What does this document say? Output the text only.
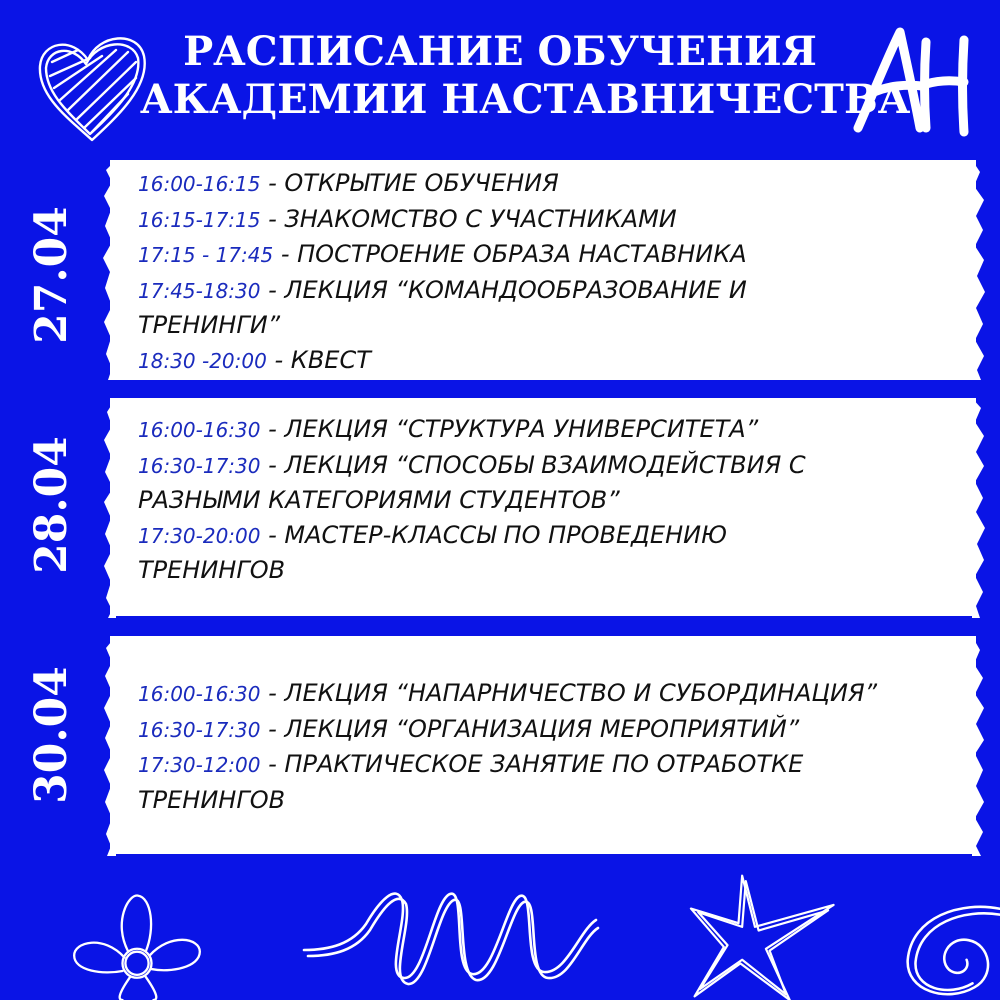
РАСПИСАНИЕ ОБУЧЕНИЯ
АКАДЕМИИ НАСТАВНИЧЕСТВА
27.04

16:00-16:15 - ОТКРЫТИЕ ОБУЧЕНИЯ

16:15-17:15 - ЗНАКОМСТВО С УЧАСТНИКАМИ

17:15 - 17:45 - ПОСТРОЕНИЕ ОБРАЗА НАСТАВНИКА

17:45-18:30 - ЛЕКЦИЯ “КОМАНДООБРАЗОВАНИЕ И ТРЕНИНГИ”

18:30 -20:00 - КВЕСТ

28.04

16:00-16:30 - ЛЕКЦИЯ “СТРУКТУРА УНИВЕРСИТЕТА”

16:30-17:30 - ЛЕКЦИЯ “СПОСОБЫ ВЗАИМОДЕЙСТВИЯ С РАЗНЫМИ КАТЕГОРИЯМИ СТУДЕНТОВ”

17:30-20:00 - МАСТЕР-КЛАССЫ ПО ПРОВЕДЕНИЮ ТРЕНИНГОВ

30.04	16:00-16:30 - ЛЕКЦИЯ “НАПАРНИЧЕСТВО И СУБОРДИНАЦИЯ”

16:30-17:30 - ЛЕКЦИЯ “ОРГАНИЗАЦИЯ МЕРОПРИЯТИЙ”

17:30-12:00 - ПРАКТИЧЕСКОЕ ЗАНЯТИЕ ПО ОТРАБОТКЕ ТРЕНИНГОВ
